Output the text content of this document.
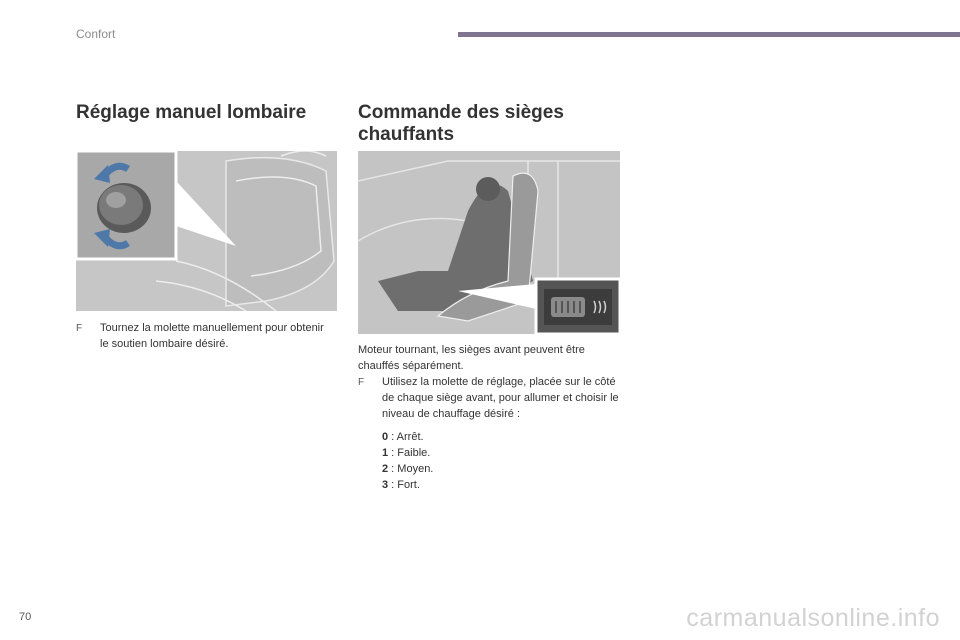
Confort
Réglage manuel lombaire	Commande des sièges chauffants
F	Tournez la molette manuellement pour obtenir le soutien lombaire désiré.	Moteur tournant, les sièges avant peuvent être chauffés séparément.
F	Utilisez la molette de réglage, placée sur le côté de chaque siège avant, pour allumer et choisir le niveau de chauffage désiré :
0 : Arrêt.
1 : Faible.
2 : Moyen.
3 : Fort.
70	carmanualsonline.info
